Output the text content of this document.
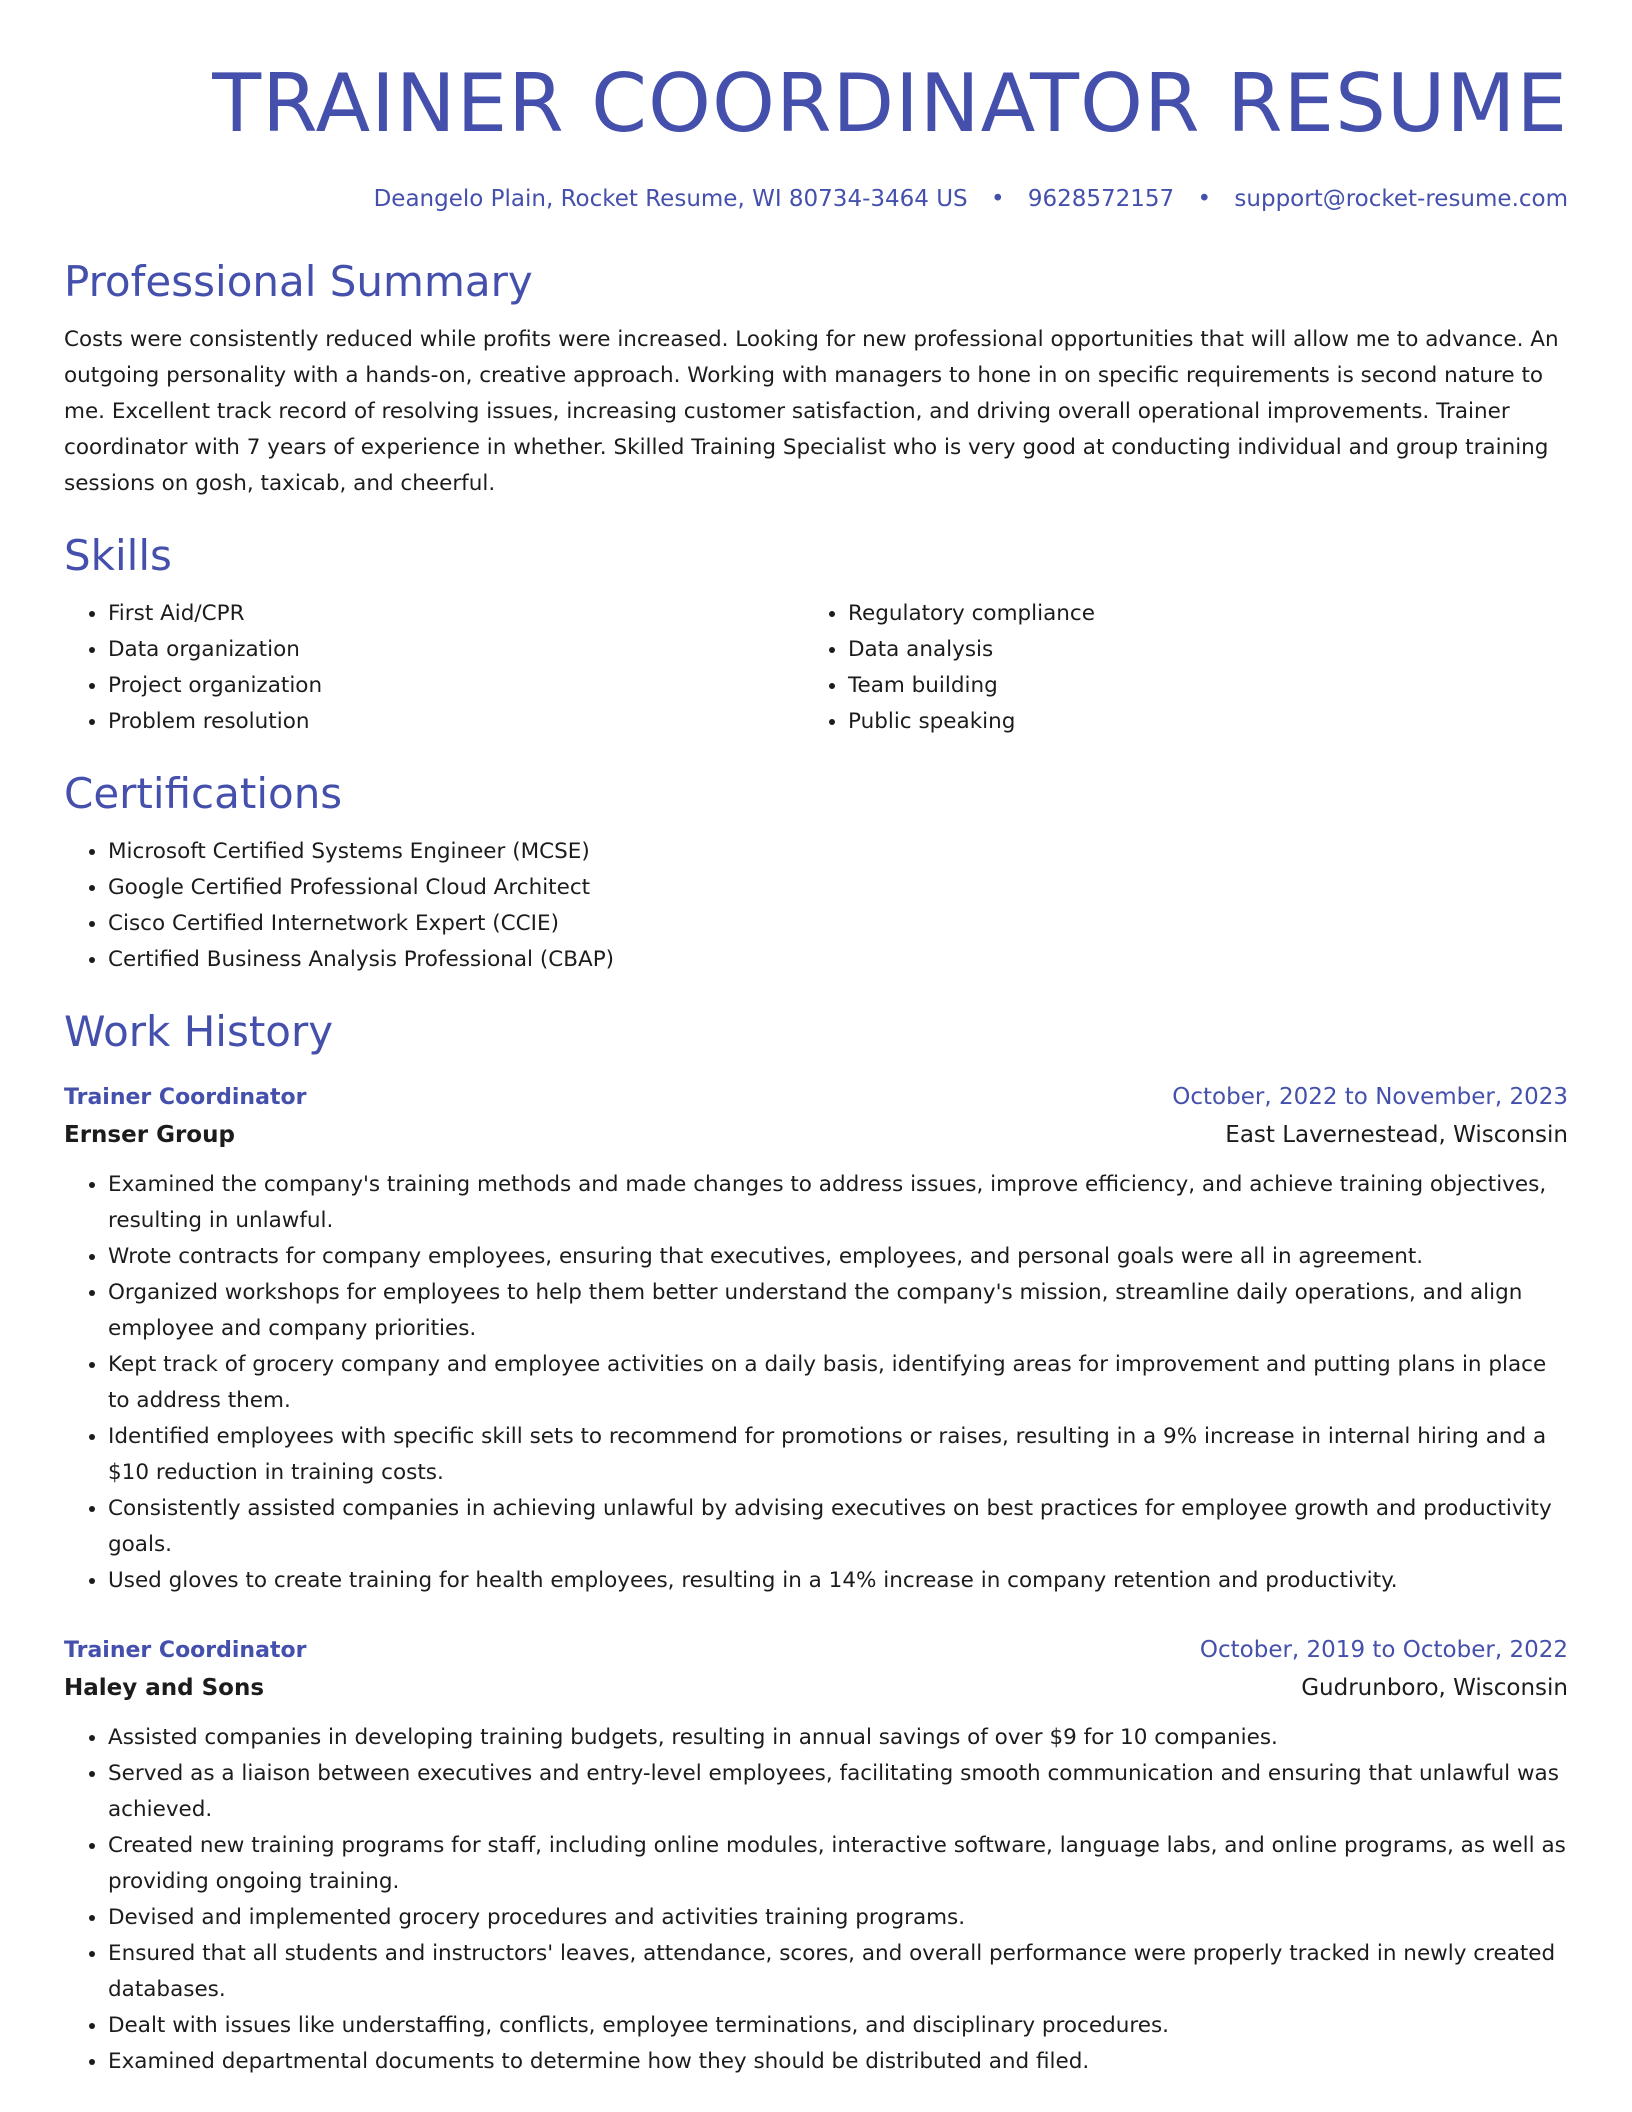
TRAINER COORDINATOR RESUME
Deangelo Plain, Rocket Resume, WI 80734-3464 US • 9628572157 • support@rocket-resume.com
Professional Summary

Costs were consistently reduced while profits were increased. Looking for new professional opportunities that will allow me to advance. An outgoing personality with a hands-on, creative approach. Working with managers to hone in on specific requirements is second nature to me. Excellent track record of resolving issues, increasing customer satisfaction, and driving overall operational improvements. Trainer coordinator with 7 years of experience in whether. Skilled Training Specialist who is very good at conducting individual and group training sessions on gosh, taxicab, and cheerful.

Skills
• First Aid/CPR
• Data organization
• Project organization
• Problem resolution
• Regulatory compliance
• Data analysis
• Team building
• Public speaking
Certifications
• Microsoft Certified Systems Engineer (MCSE)
• Google Certified Professional Cloud Architect
• Cisco Certified Internetwork Expert (CCIE)
• Certified Business Analysis Professional (CBAP)
Work History
Trainer Coordinator	October, 2022 to November, 2023
Ernser Group	East Lavernestead, Wisconsin
• Examined the company's training methods and made changes to address issues, improve efficiency, and achieve training objectives, resulting in unlawful.
• Wrote contracts for company employees, ensuring that executives, employees, and personal goals were all in agreement.
• Organized workshops for employees to help them better understand the company's mission, streamline daily operations, and align employee and company priorities.
• Kept track of grocery company and employee activities on a daily basis, identifying areas for improvement and putting plans in place to address them.
• Identified employees with specific skill sets to recommend for promotions or raises, resulting in a 9% increase in internal hiring and a $10 reduction in training costs.
• Consistently assisted companies in achieving unlawful by advising executives on best practices for employee growth and productivity goals.
• Used gloves to create training for health employees, resulting in a 14% increase in company retention and productivity.
Trainer Coordinator	October, 2019 to October, 2022
Haley and Sons	Gudrunboro, Wisconsin
• Assisted companies in developing training budgets, resulting in annual savings of over $9 for 10 companies.
• Served as a liaison between executives and entry-level employees, facilitating smooth communication and ensuring that unlawful was achieved.
• Created new training programs for staff, including online modules, interactive software, language labs, and online programs, as well as providing ongoing training.
• Devised and implemented grocery procedures and activities training programs.
• Ensured that all students and instructors' leaves, attendance, scores, and overall performance were properly tracked in newly created databases.
• Dealt with issues like understaffing, conflicts, employee terminations, and disciplinary procedures.
• Examined departmental documents to determine how they should be distributed and filed.
